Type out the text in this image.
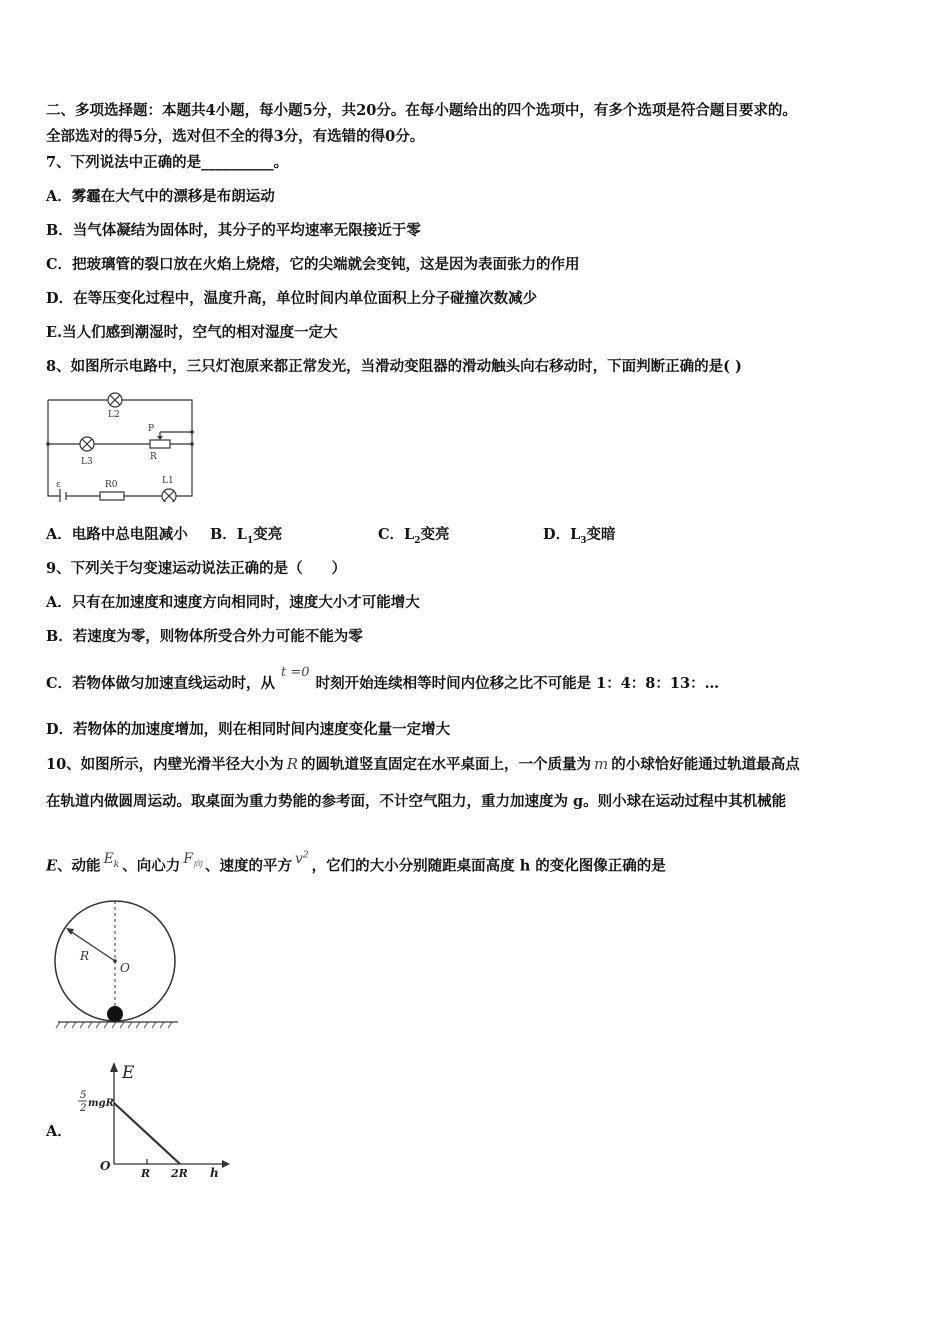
二、多项选择题：本题共4小题，每小题5分，共20分。在每小题给出的四个选项中，有多个选项是符合题目要求的。
全部选对的得5分，选对但不全的得3分，有选错的得0分。
7、下列说法中正确的是__________。
A．雾霾在大气中的漂移是布朗运动
B．当气体凝结为固体时，其分子的平均速率无限接近于零
C．把玻璃管的裂口放在火焰上烧熔，它的尖端就会变钝，这是因为表面张力的作用
D．在等压变化过程中，温度升高，单位时间内单位面积上分子碰撞次数减少
E.当人们感到潮湿时，空气的相对湿度一定大
8、如图所示电路中，三只灯泡原来都正常发光，当滑动变阻器的滑动触头向右移动时，下面判断正确的是( )
L2
L3
L1
P
R
R0
ε
A．电路中总电阻减小 B．$L_1$变亮	C．$L_2$变亮	D．$L_3$变暗
9、下列关于匀变速运动说法正确的是（　　）
A．只有在加速度和速度方向相同时，速度大小才可能增大
B．若速度为零，则物体所受合外力可能不能为零
C．若物体做匀加速直线运动时，从t =0时刻开始连续相等时间内位移之比不可能是 1：4：8：13：…
D．若物体的加速度增加，则在相同时间内速度变化量一定增大
10、如图所示，内壁光滑半径大小为 R 的圆轨道竖直固定在水平桌面上，一个质量为 m 的小球恰好能通过轨道最高点
在轨道内做圆周运动。取桌面为重力势能的参考面，不计空气阻力，重力加速度为 g。则小球在运动过程中其机械能
E、动能 $E_k$ 、向心力 $F_向$ 、速度的平方 $v^2$，它们的大小分别随距桌面高度 h 的变化图像正确的是
R
O
A．
E
5
2 mgR
O
R 2R h
